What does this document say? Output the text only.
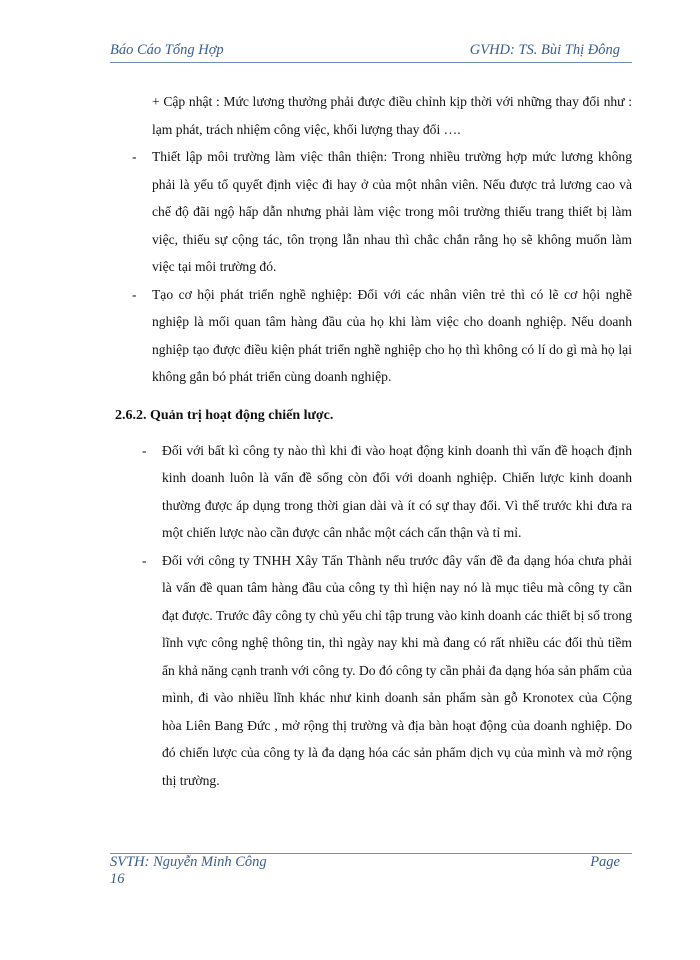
Báo Cáo Tổng Hợp	GVHD: TS. Bùi Thị Đông
+ Cập nhật : Mức lương thưởng phải được điều chỉnh kịp thời với những thay đổi như : lạm phát, trách nhiệm công việc, khối lượng thay đổi ….
- Thiết lập môi trường làm việc thân thiện: Trong nhiều trường hợp mức lương không phải là yếu tố quyết định việc đi hay ở của một nhân viên. Nếu được trả lương cao và chế độ đãi ngộ hấp dẫn nhưng phải làm việc trong môi trường thiếu trang thiết bị làm việc, thiếu sự cộng tác, tôn trọng lẫn nhau thì chắc chắn rằng họ sẽ không muốn làm việc tại môi trường đó.
- Tạo cơ hội phát triển nghề nghiệp: Đối với các nhân viên trẻ thì có lẽ cơ hội nghề nghiệp là mối quan tâm hàng đầu của họ khi làm việc cho doanh nghiệp. Nếu doanh nghiệp tạo được điều kiện phát triển nghề nghiệp cho họ thì không có lí do gì mà họ lại không gắn bó phát triển cùng doanh nghiệp.
2.6.2. Quản trị hoạt động chiến lược.
- Đối với bất kì công ty nào thì khi đi vào hoạt động kinh doanh thì vấn đề hoạch định kinh doanh luôn là vấn đề sống còn đối với doanh nghiệp. Chiến lược kinh doanh thường được áp dụng trong thời gian dài và ít có sự thay đổi. Vì thế trước khi đưa ra một chiến lược nào cần được cân nhắc một cách cẩn thận và tỉ mỉ.
- Đối với công ty TNHH Xây Tấn Thành nếu trước đây vấn đề đa dạng hóa chưa phải là vấn đề quan tâm hàng đầu của công ty thì hiện nay nó là mục tiêu mà công ty cần đạt được. Trước đây công ty chủ yếu chỉ tập trung vào kinh doanh các thiết bị số trong lĩnh vực công nghệ thông tin, thì ngày nay khi mà đang có rất nhiều các đối thủ tiềm ẩn khả năng cạnh tranh với công ty. Do đó công ty cần phải đa dạng hóa sản phẩm của mình, đi vào nhiều lĩnh khác như kinh doanh sản phẩm sàn gỗ Kronotex của Cộng hòa Liên Bang Đức , mở rộng thị trường và địa bàn hoạt động của doanh nghiệp. Do đó chiến lược của công ty là đa dạng hóa các sản phẩm dịch vụ của mình và mở rộng thị trường.
SVTH: Nguyễn Minh Công	Page
16
